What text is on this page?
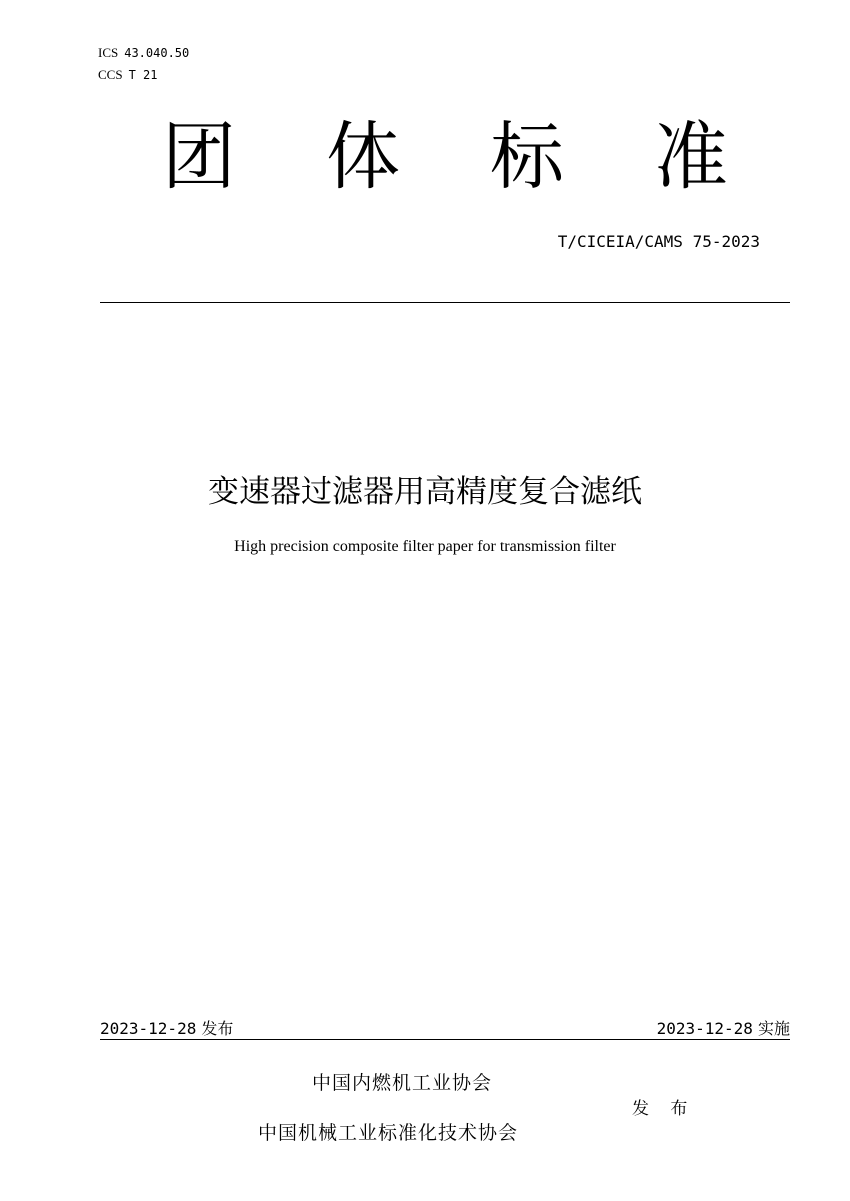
ICS 43.040.50
CCS T 21
团 体 标 准
T/CICEIA/CAMS 75-2023
变速器过滤器用高精度复合滤纸
High precision composite filter paper for transmission filter
2023-12-28 发布	2023-12-28 实施
中国内燃机工业协会
发 布
中国机械工业标准化技术协会
